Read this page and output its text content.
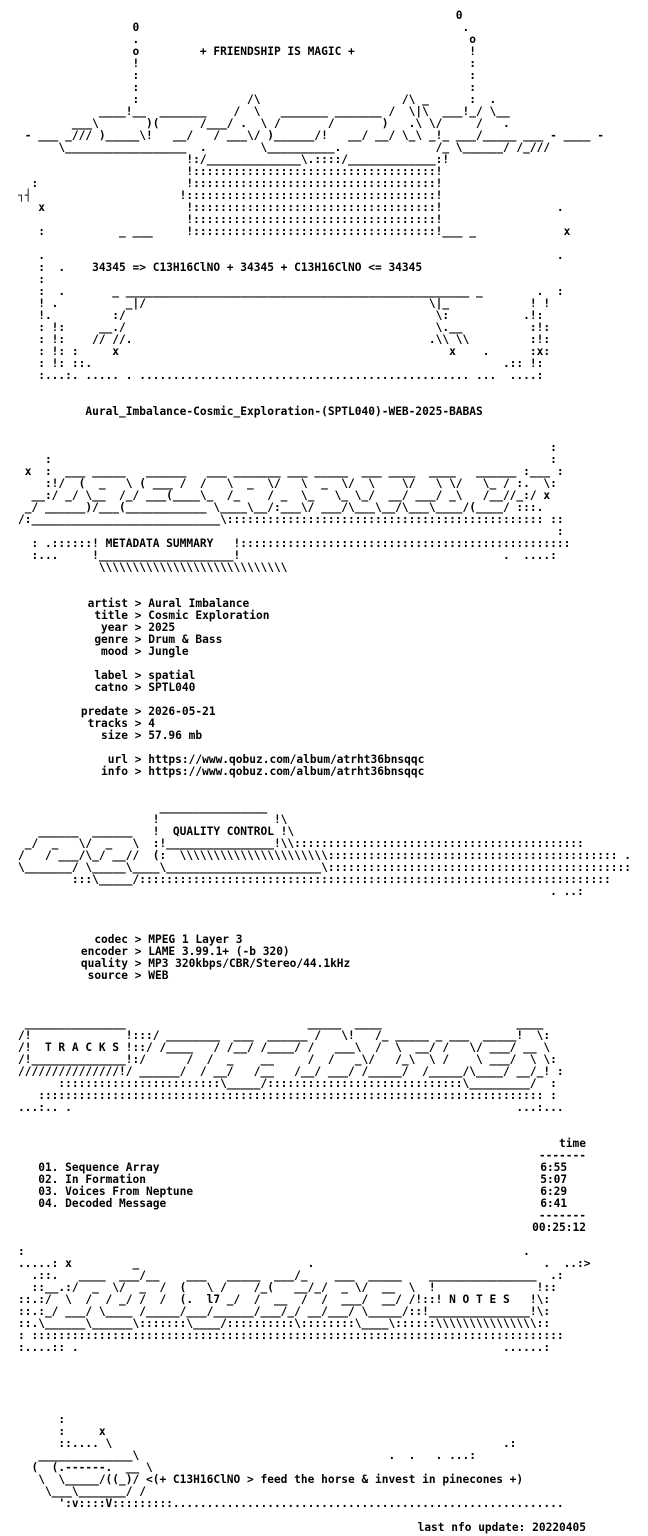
0
0                                                .
.                                                 o
o         + FRIENDSHIP IS MAGIC +                 !
!                                                 :
:                                                 :
:                                                 :
:                /\                     /\ _      :  .
____!__  _______    /  \   _______ _______ /  \|\  ___!_/ \__
___\       )(      /___/ .  \ /       /       )   .\ \/     /   .
- ___ _/// )_____\!   __/   / ___\/ )______/!   __/ __/ \_\ _!_ ___/_____ ___ - ____ -
\__________________  .        \__________.              /_ \______/ /_///
!:/______________\.::::/_____________:!
!::::::::::::::::::::::::::::::::::::!
:                      !::::::::::::::::::::::::::::::::::::!
┐┤                      !:::::::::::::::::::::::::::::::::::::!
x                     !::::::::::::::::::::::::::::::::::::!                 .
!::::::::::::::::::::::::::::::::::::!
:           _ ___     !::::::::::::::::::::::::::::::::::::!___ _             x

.                                                                            .
:  .    34345 => C13H16ClNO + 34345 + C13H16ClNO <= 34345
:
:  .       _ ___________________________________________________ _        .  :
! .          _|/                                          \|_            ! !
!.         :/                                              \:           .!:
: !:     __./                                              \.__          :!:
: !:    // //.                                            .\\ \\         :!:
: !: :     x                                                 x    .      :x:
: !: ::.                                                             .:: !:
:...:. ..... . ................................................. ...  ....:
Aural_Imbalance-Cosmic_Exploration-(SPTL040)-WEB-2025-BABAS
:
:                                                                          :
x  :  ___ _____   ______   ___ _______ ___ _____  ___ ____  ____   ______ :___ :
:!/  (  _   \ ( ___ /  /   \  _  \/   \  _  \/  \    \/   \ \/   \_ / :.  \:
__:/ _/ \__  /_/ ___(____\_  /_    / _  \_   \_ \_/  __/ ___/ _\   /__//_:/ x
_/ ______)/___(____________ \____\__/:___\/ ___/\___\__/\___\____/(____/ :::.
/:____________________________\::::::::::::::::::::::::::::::::::::::::::::::: ::
:
: .::::::! METADATA SUMMARY   !:::::::::::::::::::::::::::::::::::::::::::::::::
:...     !____________________!                                       .  ....:
\\\\\\\\\\\\\\\\\\\\\\\\\\\\
artist > Aural Imbalance
title > Cosmic Exploration
year > 2025
genre > Drum & Bass
mood > Jungle
label > spatial
catno > SPTL040
predate > 2026-05-21
tracks > 4
size > 57.96 mb
url > https://www.qobuz.com/album/atrht36bnsqqc
info > https://www.qobuz.com/album/atrht36bnsqqc
________________
!                 !\
______  ______   !  QUALITY CONTROL !\
_/  _   \/  _   \  :!________________!\\:::::::::::::::::::::::::::::::::::::::::::
/   / ___/\_/ __//  (:  \\\\\\\\\\\\\\\\\\\\\\::::::::::::::::::::::::::::::::::::::::::: .
\_______/ \_____\____\_______________________\:::::::::::::::::::::::::::::::::::::::::::::
:::\_____/::::::::::::::::::::::::::::::::::::::::::::::::::::::::::::::::::::::
. ..:
codec > MPEG 1 Layer 3
encoder > LAME 3.99.1+ (-b 320)
quality > MP3 320kbps/CBR/Stereo/44.1kHz
source > WEB
_______________                           _____  ____                    ____
/!              !:::/ ________  ___  ______ /   \!   /_ _____ _ ___  _____!  \:
/!  T R A C K S !::/ /____   / /__/ /____/ /   ___\  /  \  __/ /   \/ ___/ __ \
/!______________!:/      /  /  _    __     /  /   _\/   /_\  \ /    \ ___/  \ \:
///////////////!/ ______/  / __/   /__   /__/ ___/ /_____/  /_____/\____/ __/_! :
::::::::::::::::::::::::\_____/:::::::::::::::::::::::::::::\_________/  :
::::::::::::::::::::::::::::::::::::::::::::::::::::::::::::::::::::::::::: :
...:.. .                                                                  ...:...
time
-------
01. Sequence Array	6:55
02. In Formation	5:07
03. Voices From Neptune	6:29
04. Decoded Message	6:41
-------
00:25:12
:                                                                          .
.....: x         _                         .                                  .  ..:>
.::.   ____  ___/__    ___   _____  ___/_    ___  _____    ________________  .:
::__.:/  _  \/  _  /  (   \ /    /_(   __/_/  _ \/  __  \  !               !::
::.:/  \  /  / _/ /  /  (.  l7 _/  /  __  /  /  ___/  __/ /!::! N O T E S   !\:
::.:_/ ___/ \____ /_____/___/______/___/_/ __/___/ \_____/::!_______________!\:
::.\______\______\:::::::\____/::::::::::\::::::::\____\::::::\\\\\\\\\\\\\\\::
: :::::::::::::::::::::::::::::::::::::::::::::::::::::::::::::::::::::::::::::::
:....:: .                                                               ......:
:
:     x
::.... \                                                          .:
______________\                                     .  .   . ...:
(  (.------.  __ \
\  \_____/((_)/ <(+ C13H16ClNO > feed the horse & invest in pinecones +)
\___\_______/ /
':v::::V:::::::::..........................................................
last nfo update: 20220405
